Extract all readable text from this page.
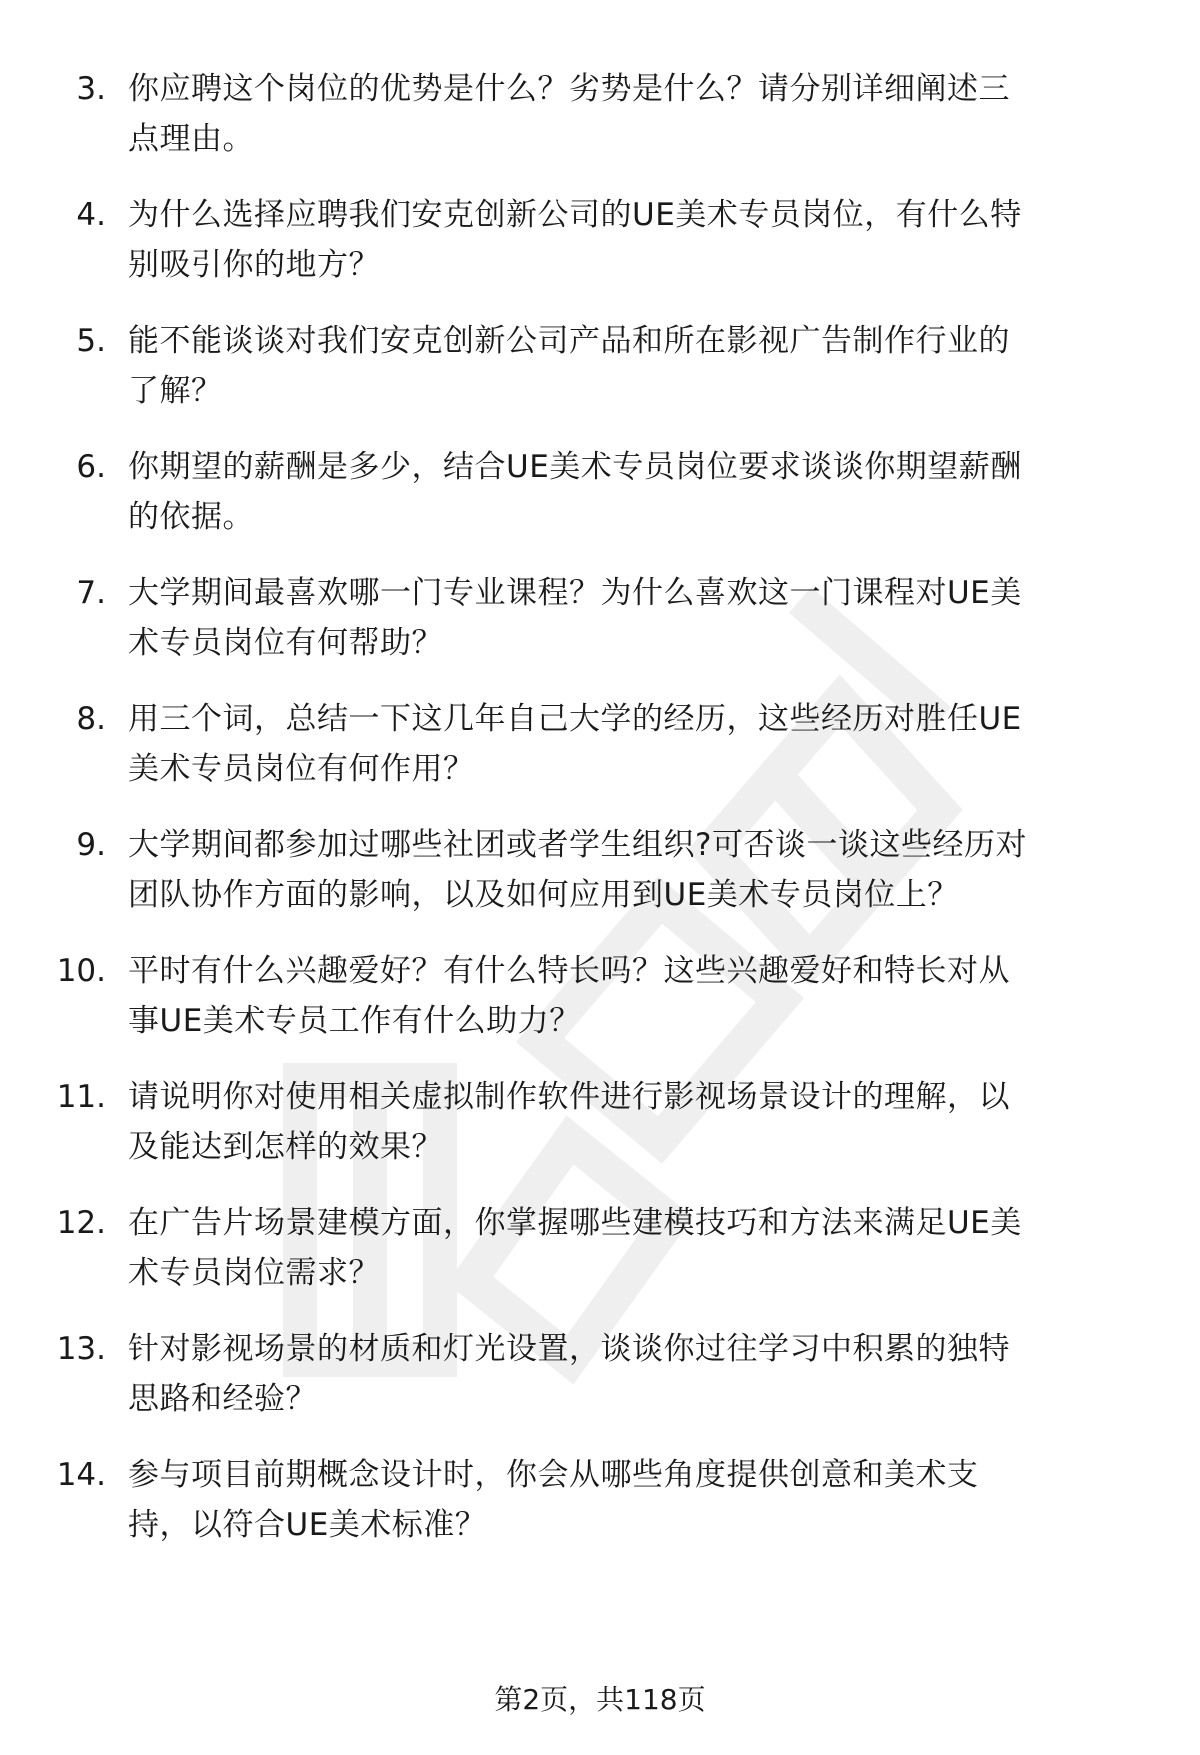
3. 你应聘这个岗位的优势是什么？劣势是什么？请分别详细阐述三
点理由。
4. 为什么选择应聘我们安克创新公司的UE美术专员岗位，有什么特
别吸引你的地方？
5. 能不能谈谈对我们安克创新公司产品和所在影视广告制作行业的
了解？
6. 你期望的薪酬是多少，结合UE美术专员岗位要求谈谈你期望薪酬
的依据。
7. 大学期间最喜欢哪一门专业课程？为什么喜欢这一门课程对UE美
术专员岗位有何帮助？
8. 用三个词，总结一下这几年自己大学的经历，这些经历对胜任UE
美术专员岗位有何作用？
9. 大学期间都参加过哪些社团或者学生组织?可否谈一谈这些经历对
团队协作方面的影响，以及如何应用到UE美术专员岗位上？
10. 平时有什么兴趣爱好？有什么特长吗？这些兴趣爱好和特长对从
事UE美术专员工作有什么助力？
11. 请说明你对使用相关虚拟制作软件进行影视场景设计的理解，以
及能达到怎样的效果？
12. 在广告片场景建模方面，你掌握哪些建模技巧和方法来满足UE美
术专员岗位需求？
13. 针对影视场景的材质和灯光设置，谈谈你过往学习中积累的独特
思路和经验？
14. 参与项目前期概念设计时，你会从哪些角度提供创意和美术支
持，以符合UE美术标准？
第2页，共118页
